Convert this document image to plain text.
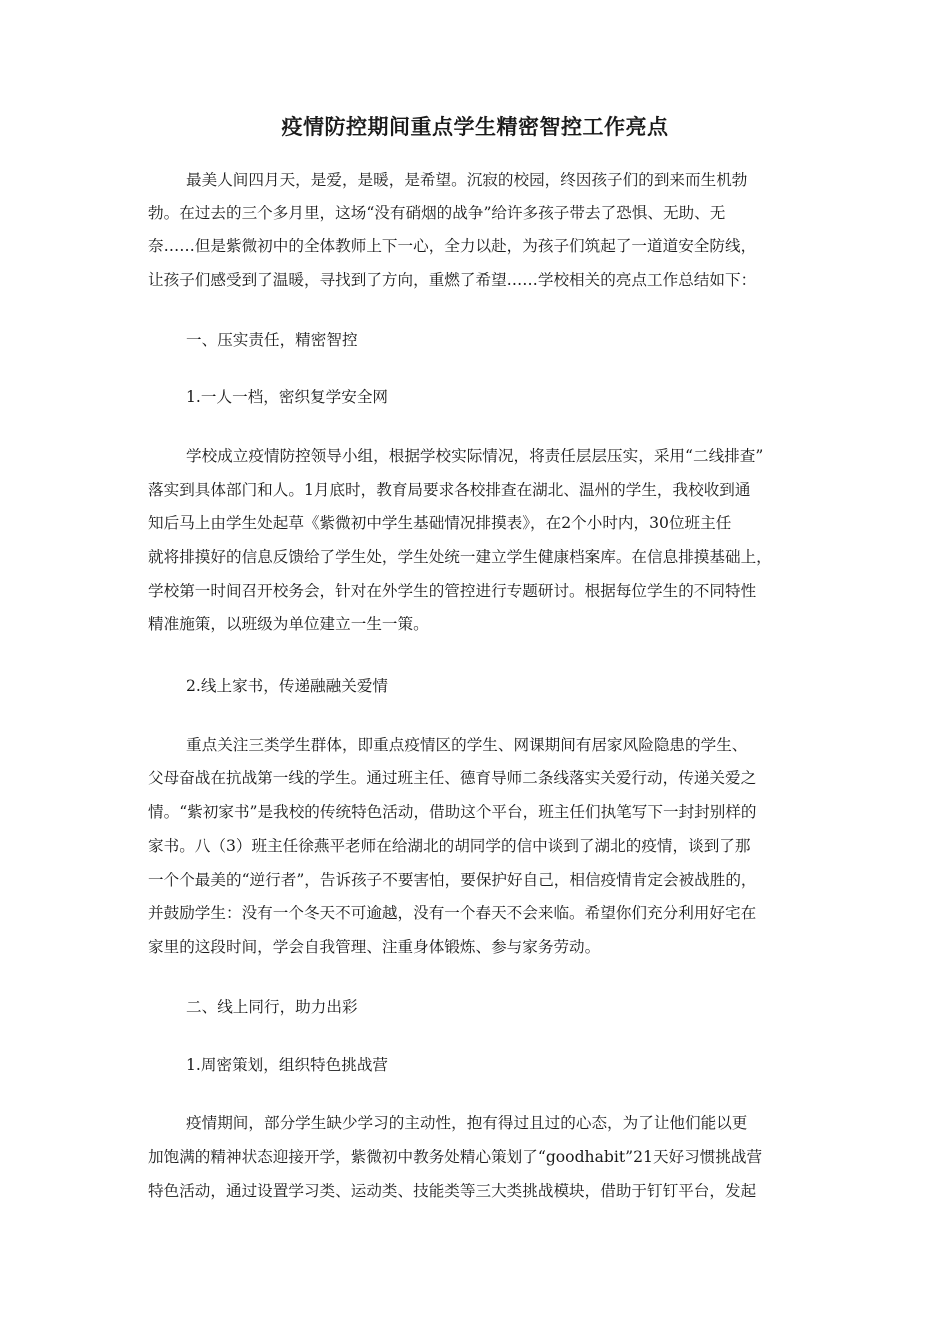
疫情防控期间重点学生精密智控工作亮点

最美人间四月天，是爱，是暖，是希望。沉寂的校园，终因孩子们的到来而生机勃

勃。在过去的三个多月里，这场“没有硝烟的战争”给许多孩子带去了恐惧、无助、无

奈……但是紫微初中的全体教师上下一心，全力以赴，为孩子们筑起了一道道安全防线，

让孩子们感受到了温暖，寻找到了方向，重燃了希望……学校相关的亮点工作总结如下：

一、压实责任，精密智控

1.一人一档，密织复学安全网

学校成立疫情防控领导小组，根据学校实际情况，将责任层层压实，采用“二线排查”

落实到具体部门和人。1月底时，教育局要求各校排查在湖北、温州的学生，我校收到通

知后马上由学生处起草《紫微初中学生基础情况排摸表》，在2个小时内，30位班主任

就将排摸好的信息反馈给了学生处，学生处统一建立学生健康档案库。在信息排摸基础上，

学校第一时间召开校务会，针对在外学生的管控进行专题研讨。根据每位学生的不同特性

精准施策，以班级为单位建立一生一策。

2.线上家书，传递融融关爱情

重点关注三类学生群体，即重点疫情区的学生、网课期间有居家风险隐患的学生、

父母奋战在抗战第一线的学生。通过班主任、德育导师二条线落实关爱行动，传递关爱之

情。“紫初家书”是我校的传统特色活动，借助这个平台，班主任们执笔写下一封封别样的

家书。八（3）班主任徐燕平老师在给湖北的胡同学的信中谈到了湖北的疫情，谈到了那

一个个最美的“逆行者”，告诉孩子不要害怕，要保护好自己，相信疫情肯定会被战胜的，

并鼓励学生：没有一个冬天不可逾越，没有一个春天不会来临。希望你们充分利用好宅在

家里的这段时间，学会自我管理、注重身体锻炼、参与家务劳动。

二、线上同行，助力出彩

1.周密策划，组织特色挑战营

疫情期间，部分学生缺少学习的主动性，抱有得过且过的心态，为了让他们能以更

加饱满的精神状态迎接开学，紫微初中教务处精心策划了“goodhabit”21天好习惯挑战营

特色活动，通过设置学习类、运动类、技能类等三大类挑战模块，借助于钉钉平台，发起
